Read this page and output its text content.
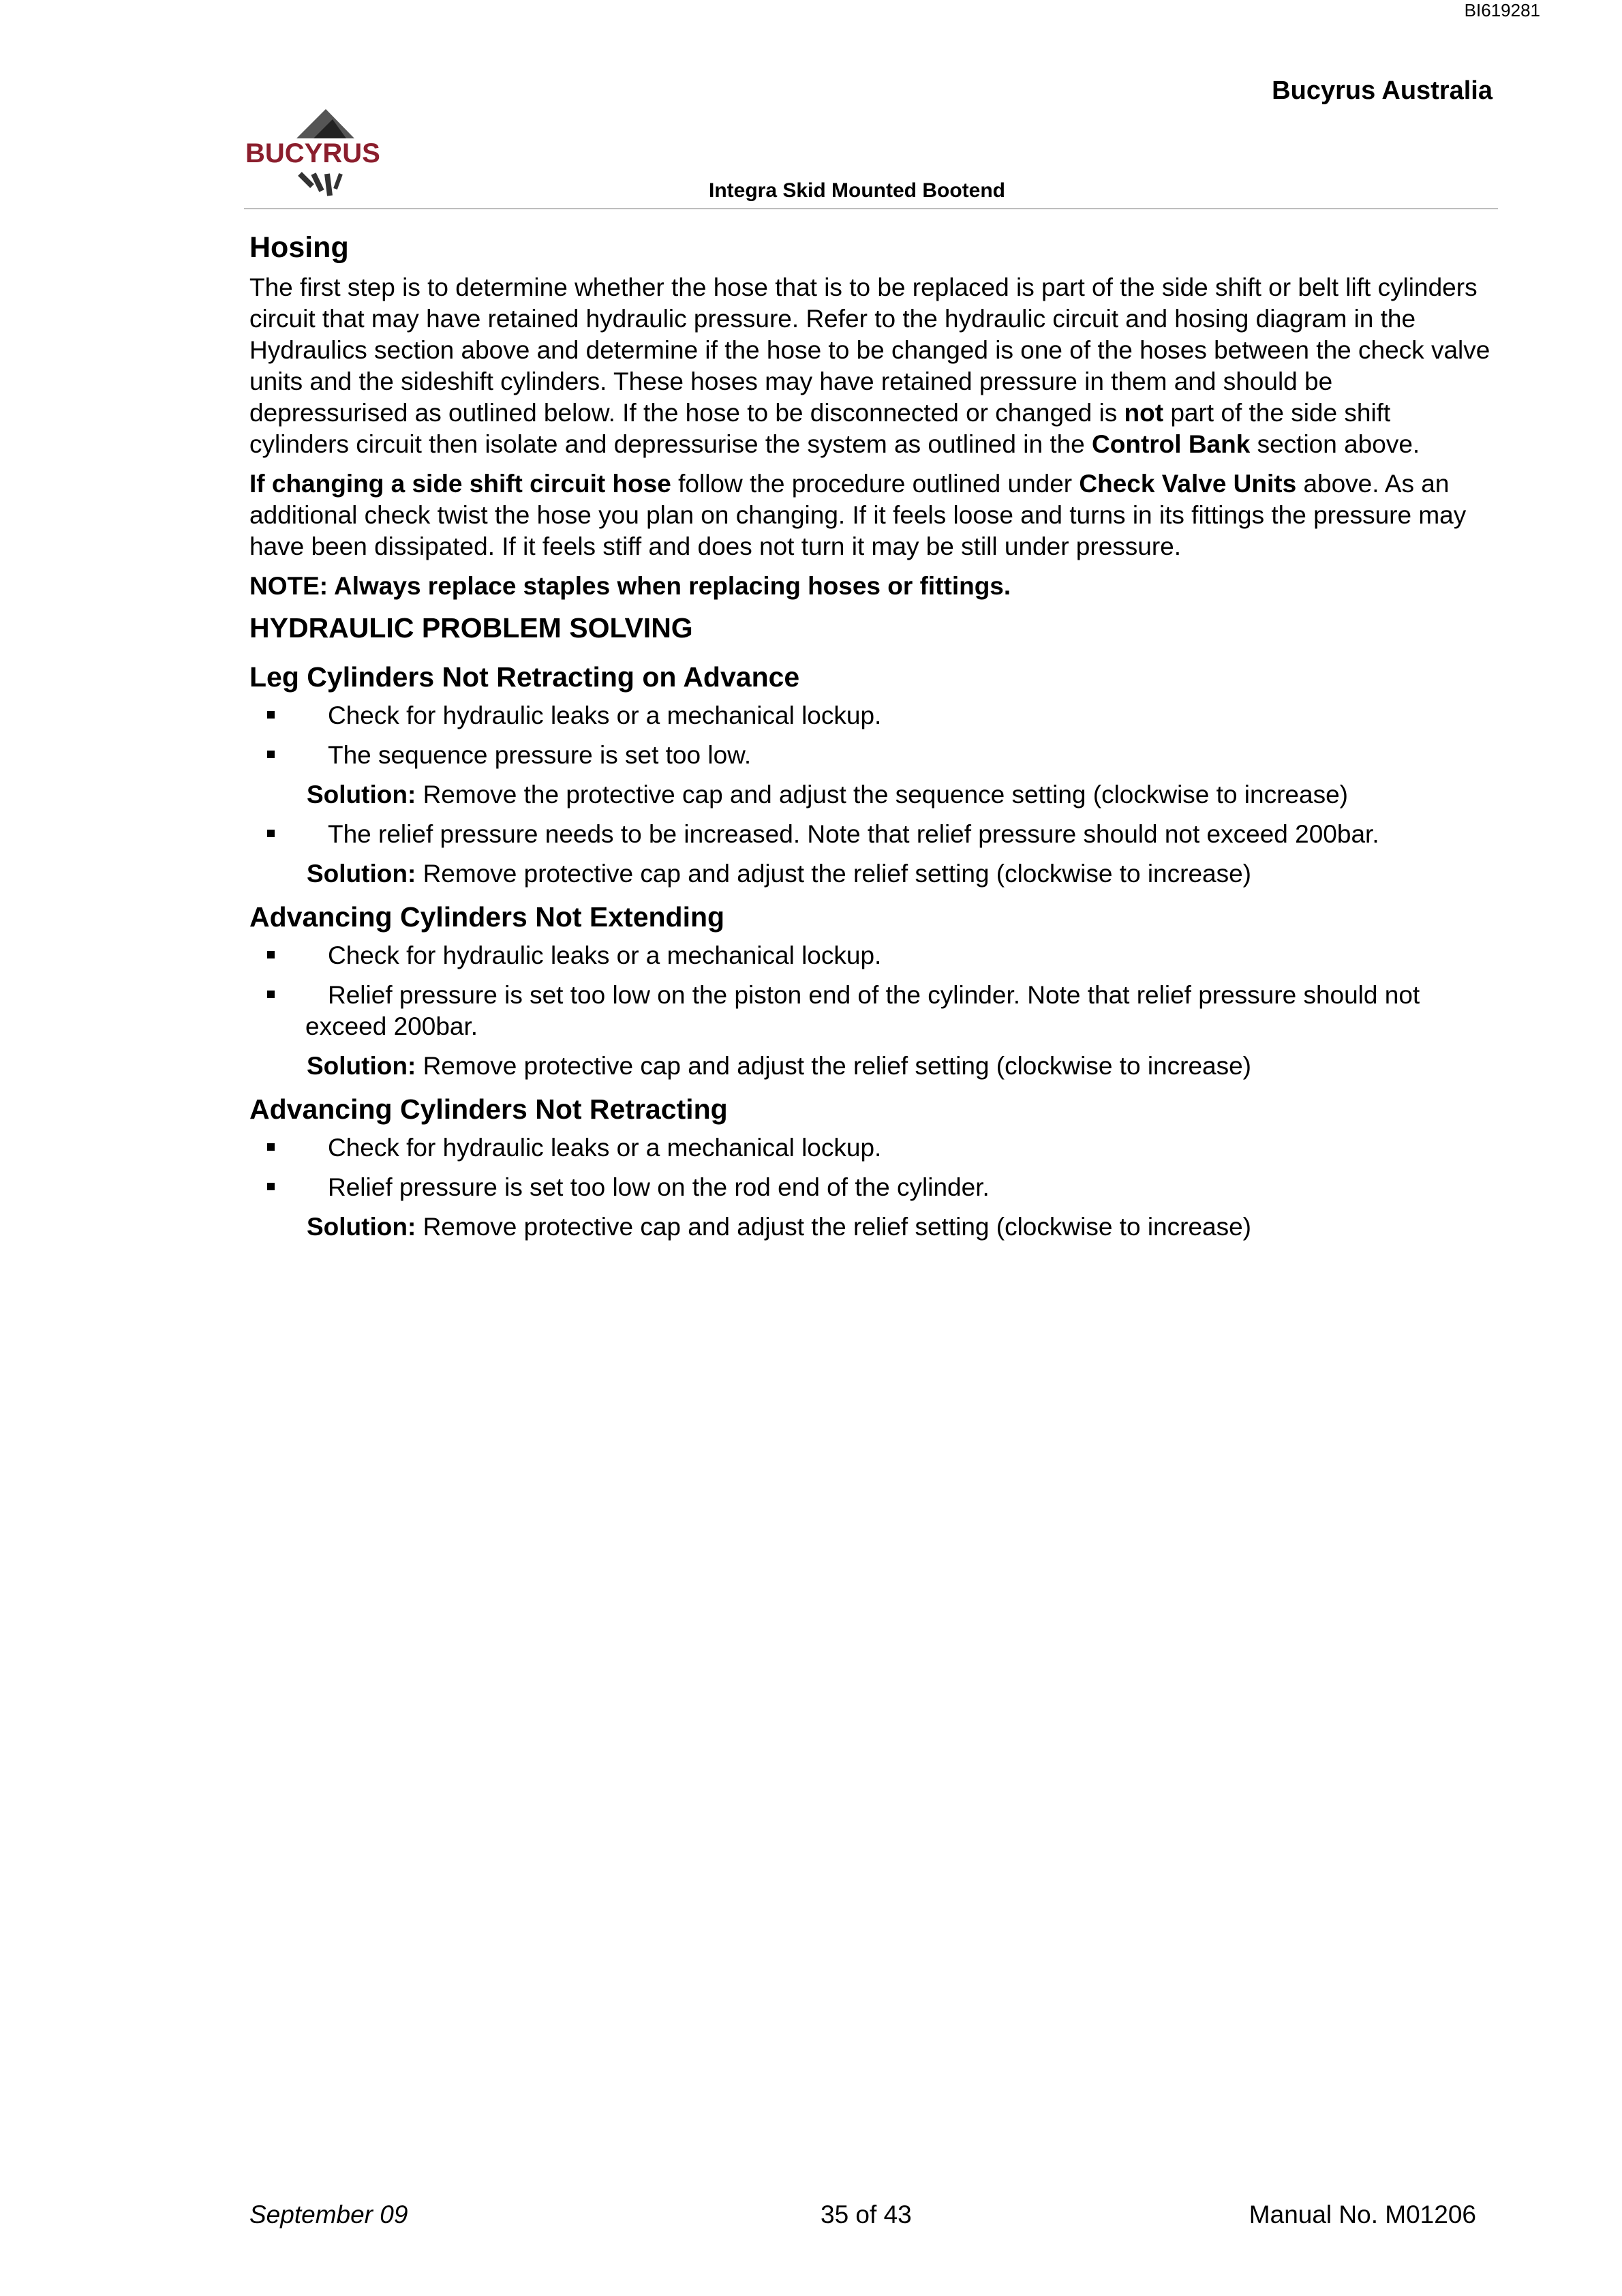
BI619281
Bucyrus Australia
BUCYRUS
Integra Skid Mounted Bootend
Hosing

The first step is to determine whether the hose that is to be replaced is part of the side shift or belt lift cylinders circuit that may have retained hydraulic pressure. Refer to the hydraulic circuit and hosing diagram in the Hydraulics section above and determine if the hose to be changed is one of the hoses between the check valve units and the sideshift cylinders. These hoses may have retained pressure in them and should be depressurised as outlined below. If the hose to be disconnected or changed is not part of the side shift cylinders circuit then isolate and depressurise the system as outlined in the Control Bank section above.

If changing a side shift circuit hose follow the procedure outlined under Check Valve Units above. As an additional check twist the hose you plan on changing. If it feels loose and turns in its fittings the pressure may have been dissipated. If it feels stiff and does not turn it may be still under pressure.

NOTE: Always replace staples when replacing hoses or fittings.

HYDRAULIC PROBLEM SOLVING
Leg Cylinders Not Retracting on Advance
Check for hydraulic leaks or a mechanical lockup.
The sequence pressure is set too low.

Solution: Remove the protective cap and adjust the sequence setting (clockwise to increase)

The relief pressure needs to be increased. Note that relief pressure should not exceed 200bar.

Solution: Remove protective cap and adjust the relief setting (clockwise to increase)

Advancing Cylinders Not Extending
Check for hydraulic leaks or a mechanical lockup.
Relief pressure is set too low on the piston end of the cylinder. Note that relief pressure should not exceed 200bar.

Solution: Remove protective cap and adjust the relief setting (clockwise to increase)

Advancing Cylinders Not Retracting
Check for hydraulic leaks or a mechanical lockup.
Relief pressure is set too low on the rod end of the cylinder.

Solution: Remove protective cap and adjust the relief setting (clockwise to increase)

September 09	35 of 43	Manual No. M01206
